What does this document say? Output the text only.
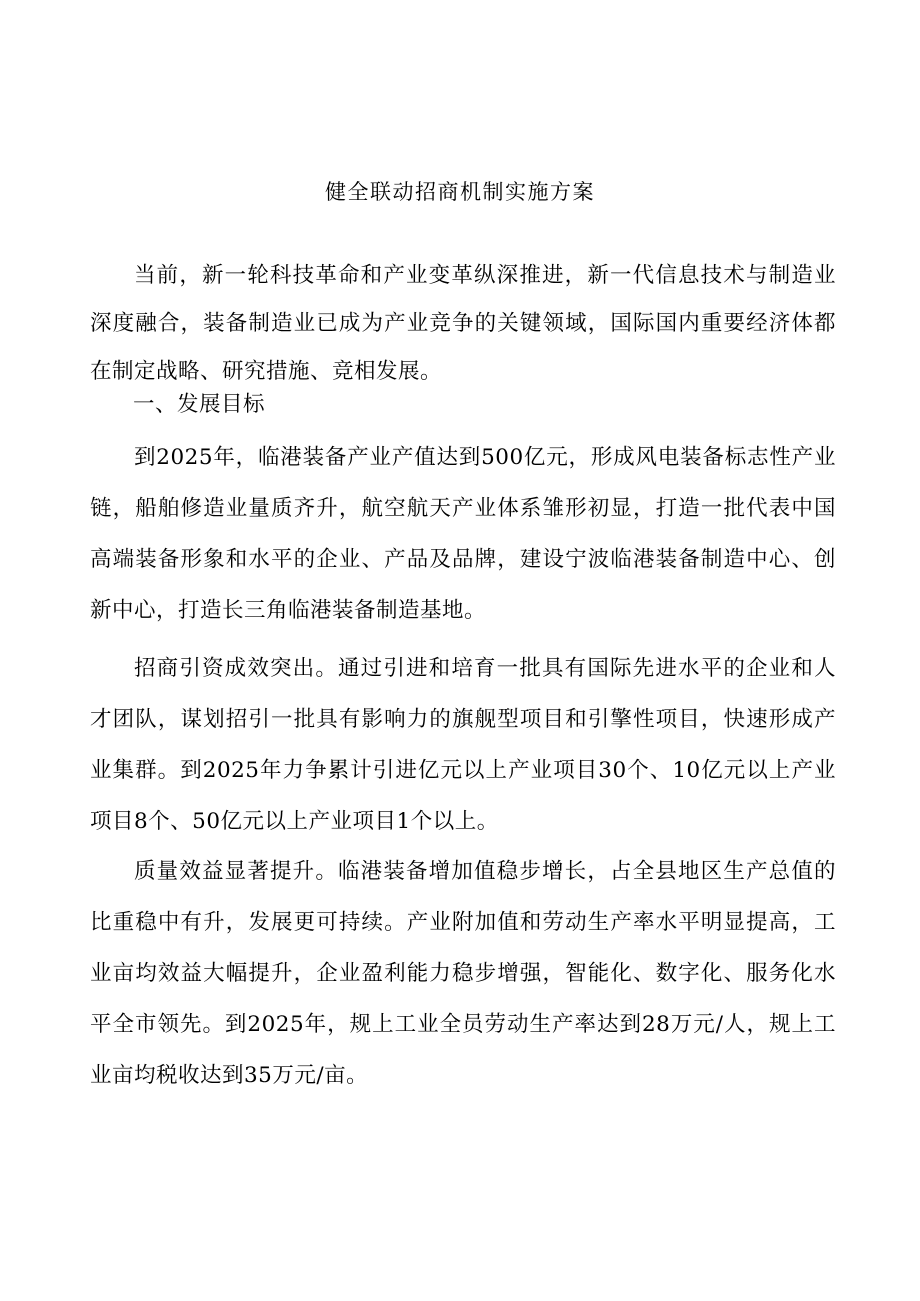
健全联动招商机制实施方案

当前，新一轮科技革命和产业变革纵深推进，新一代信息技术与制造业深度融合，装备制造业已成为产业竞争的关键领域，国际国内重要经济体都在制定战略、研究措施、竞相发展。

一、发展目标

到2025年，临港装备产业产值达到500亿元，形成风电装备标志性产业链，船舶修造业量质齐升，航空航天产业体系雏形初显，打造一批代表中国高端装备形象和水平的企业、产品及品牌，建设宁波临港装备制造中心、创新中心，打造长三角临港装备制造基地。

招商引资成效突出。通过引进和培育一批具有国际先进水平的企业和人才团队，谋划招引一批具有影响力的旗舰型项目和引擎性项目，快速形成产业集群。到2025年力争累计引进亿元以上产业项目30个、10亿元以上产业项目8个、50亿元以上产业项目1个以上。

质量效益显著提升。临港装备增加值稳步增长，占全县地区生产总值的比重稳中有升，发展更可持续。产业附加值和劳动生产率水平明显提高，工业亩均效益大幅提升，企业盈利能力稳步增强，智能化、数字化、服务化水平全市领先。到2025年，规上工业全员劳动生产率达到28万元/人，规上工业亩均税收达到35万元/亩。
